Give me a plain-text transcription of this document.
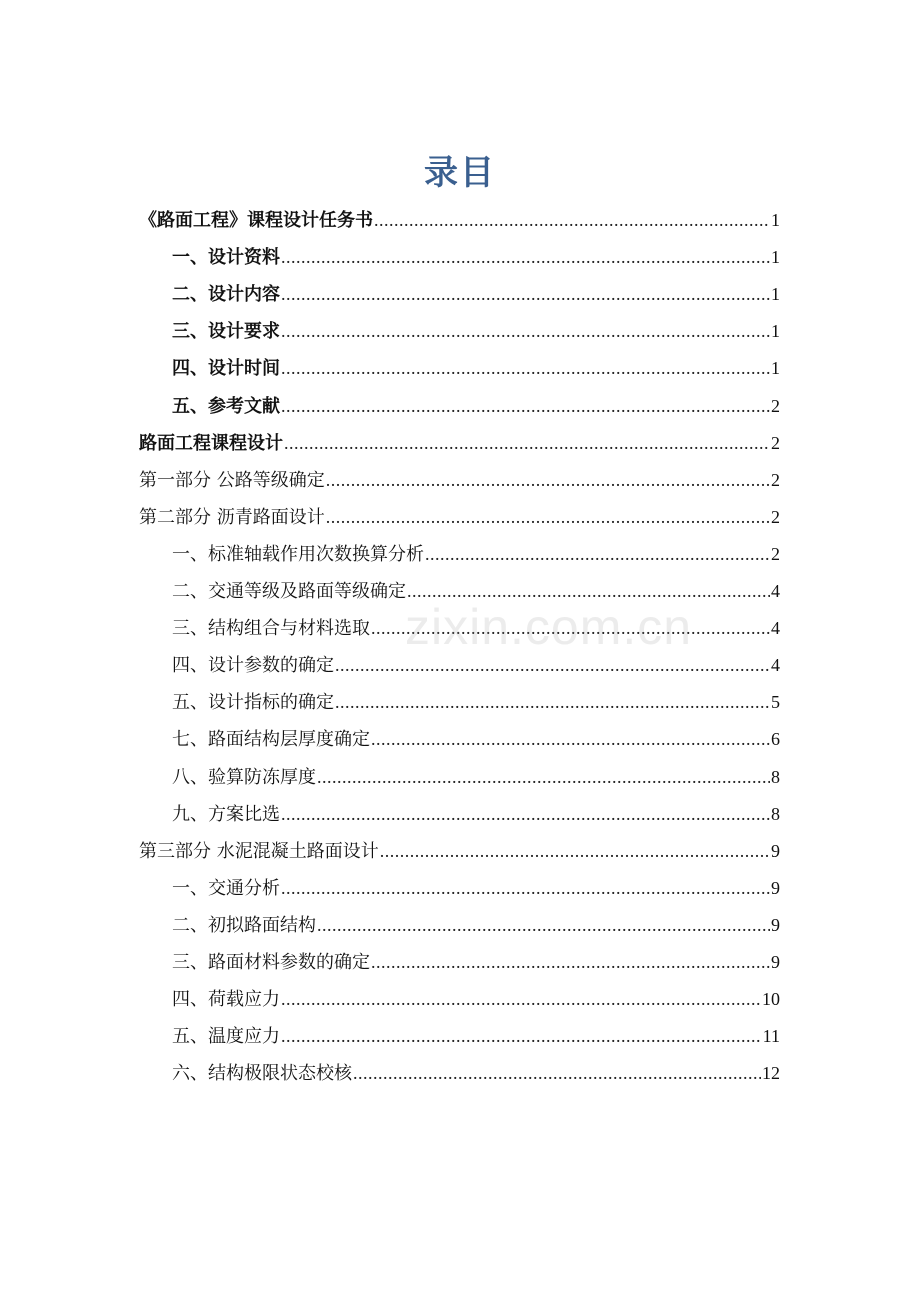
录目
《路面工程》课程设计任务书 .....	1
一、设计资料 .....	1
二、设计内容 .....	1
三、设计要求 .....	1
四、设计时间 .....	1
五、参考文献 .....	2
路面工程课程设计 .....	2
第一部分 公路等级确定 .....	2
第二部分 沥青路面设计 .....	2
一、标准轴载作用次数换算分析 .....	2
二、交通等级及路面等级确定 .....	4
三、结构组合与材料选取 .....	4
四、设计参数的确定 .....	4
五、设计指标的确定 .....	5
七、路面结构层厚度确定 .....	6
八、验算防冻厚度 .....	8
九、方案比选 .....	8
第三部分 水泥混凝土路面设计 .....	9
一、交通分析 .....	9
二、初拟路面结构 .....	9
三、路面材料参数的确定 .....	9
四、荷载应力 .....	10
五、温度应力 .....	11
六、结构极限状态校核 .....	12
zixin.com.cn
